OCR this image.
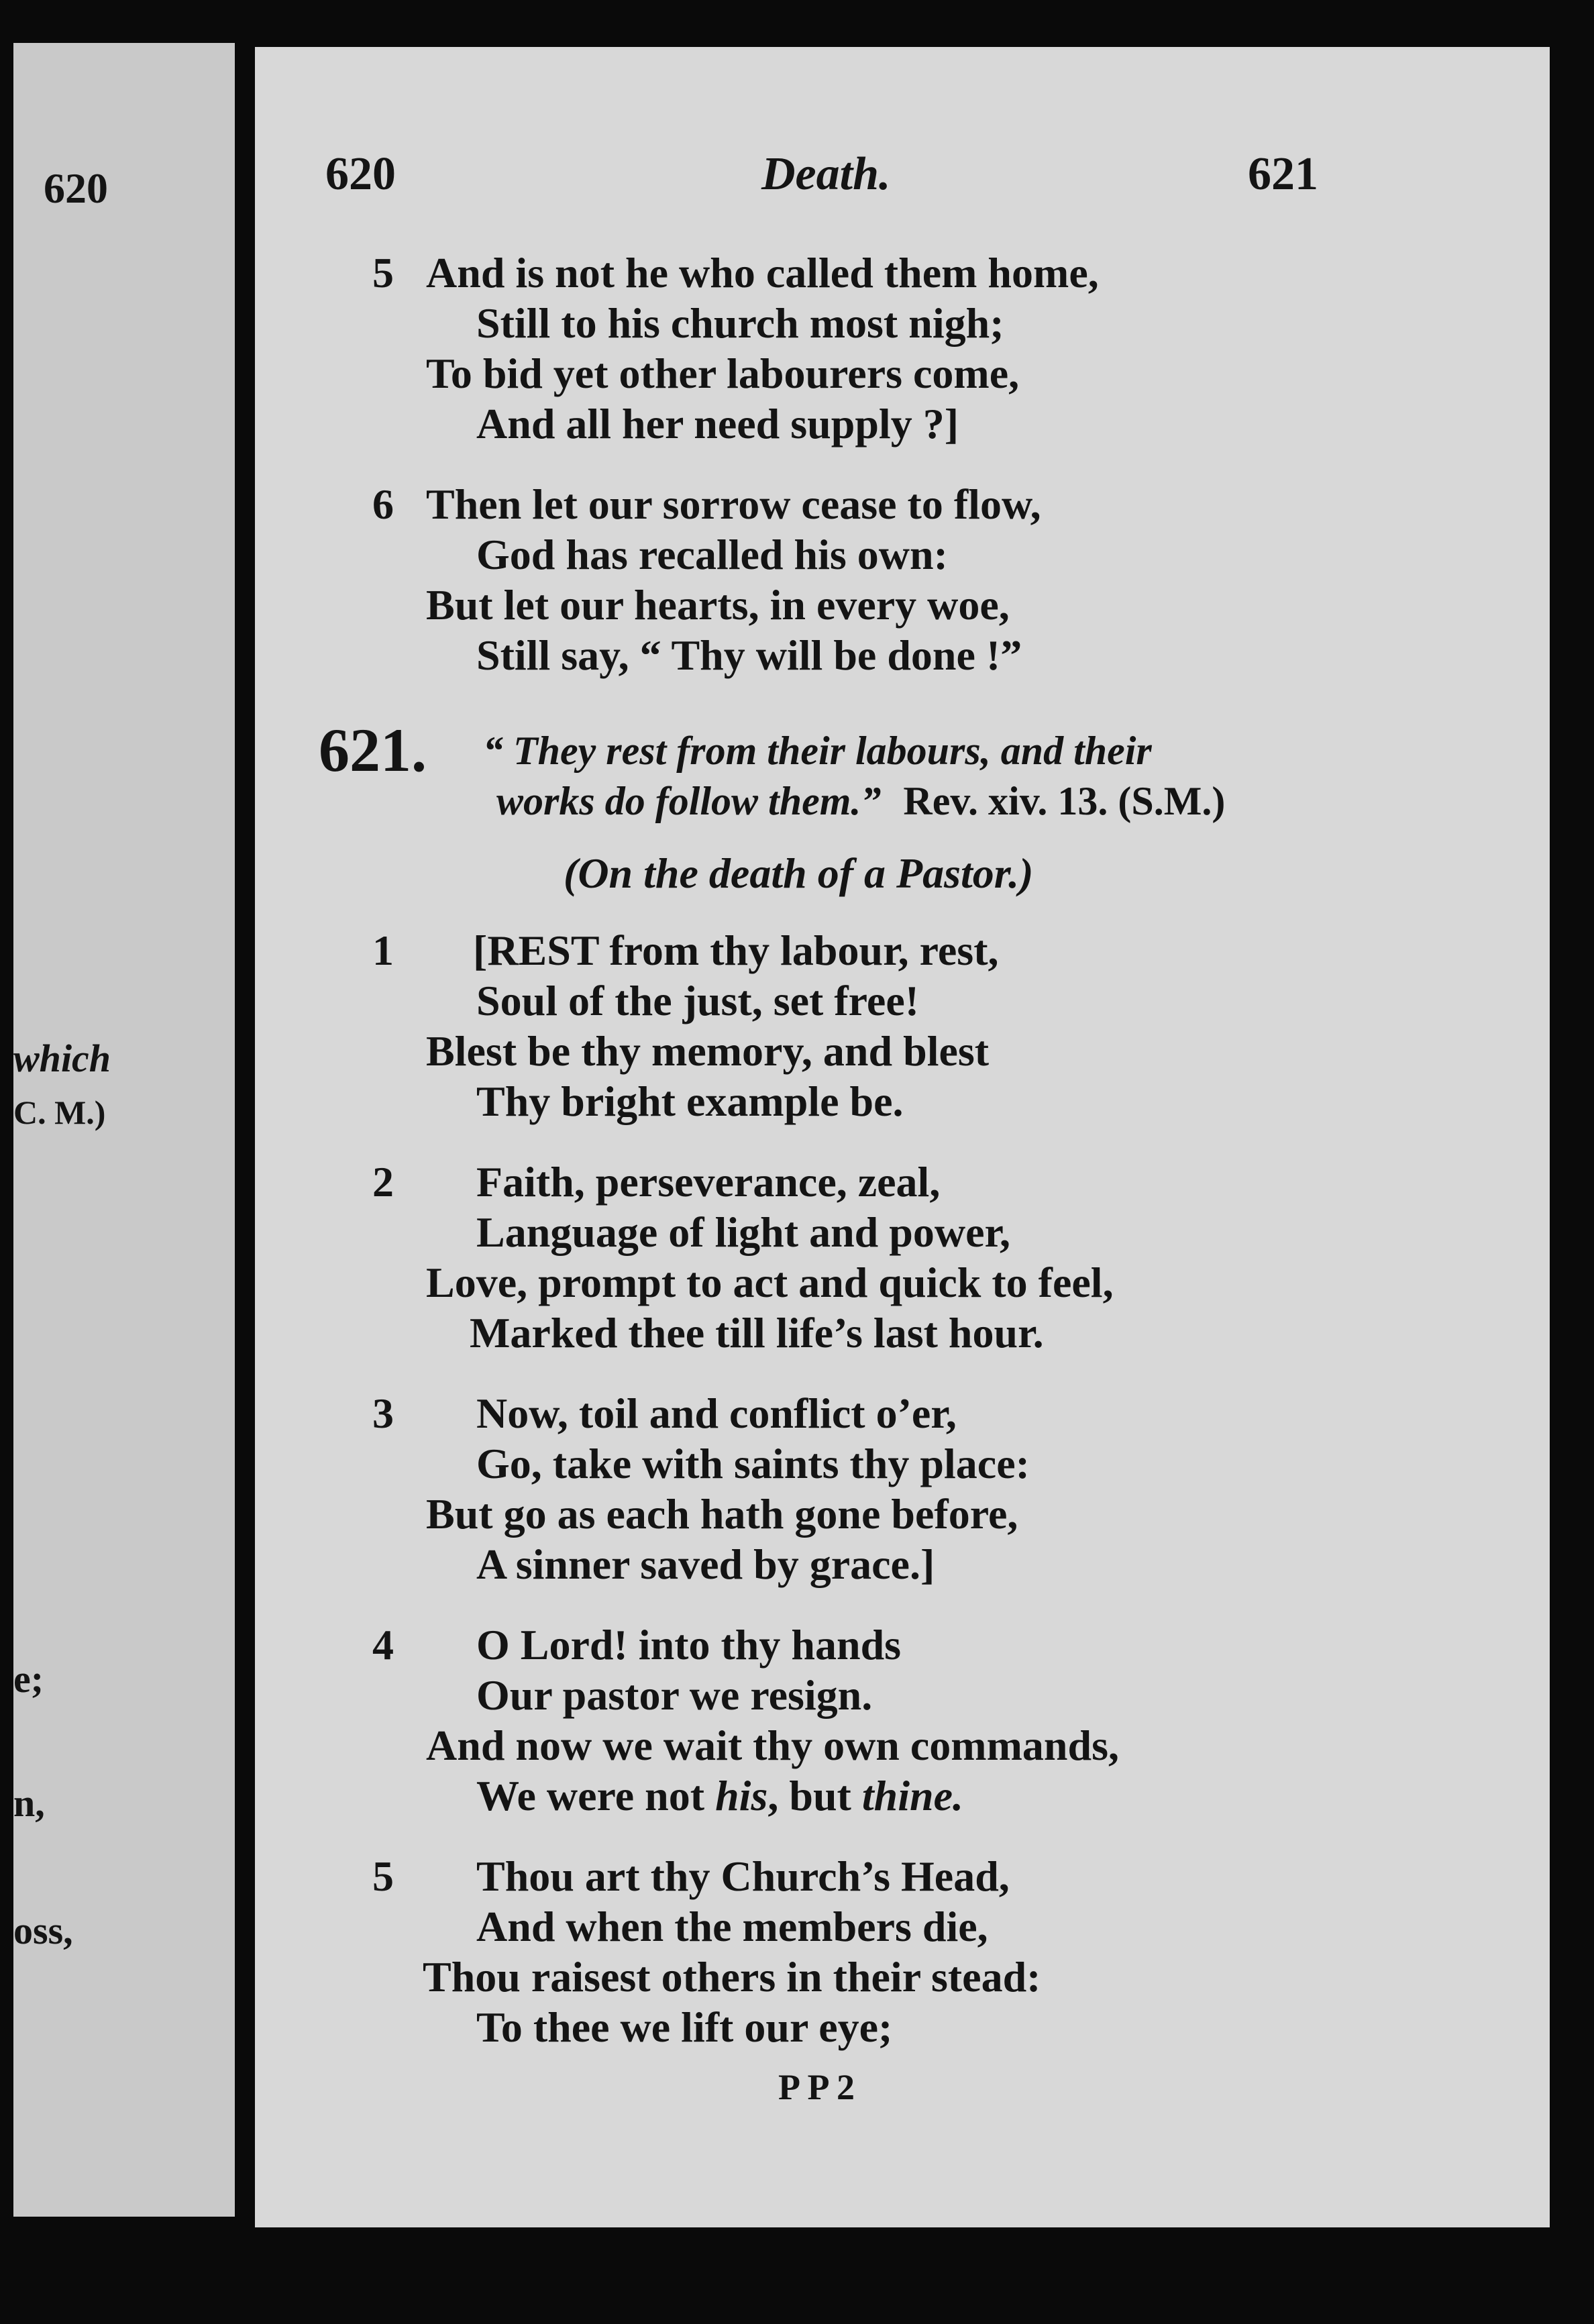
620
which
C. M.)
e;
n,
oss,
620	Death.	621
5 And is not he who called them home,
Still to his church most nigh;
To bid yet other labourers come,
And all her need supply ?]
6 Then let our sorrow cease to flow,
God has recalled his own:
But let our hearts, in every woe,
Still say, “ Thy will be done !”
621. “ They rest from their labours, and their
works do follow them.” Rev. xiv. 13. (S.M.)
(On the death of a Pastor.)
1 [REST from thy labour, rest,
Soul of the just, set free!
Blest be thy memory, and blest
Thy bright example be.
2 Faith, perseverance, zeal,
Language of light and power,
Love, prompt to act and quick to feel,
Marked thee till life’s last hour.
3 Now, toil and conflict o’er,
Go, take with saints thy place:
But go as each hath gone before,
A sinner saved by grace.]
4 O Lord! into thy hands
Our pastor we resign.
And now we wait thy own commands,
We were not his, but thine.
5 Thou art thy Church’s Head,
And when the members die,
Thou raisest others in their stead:
To thee we lift our eye;
P P 2
